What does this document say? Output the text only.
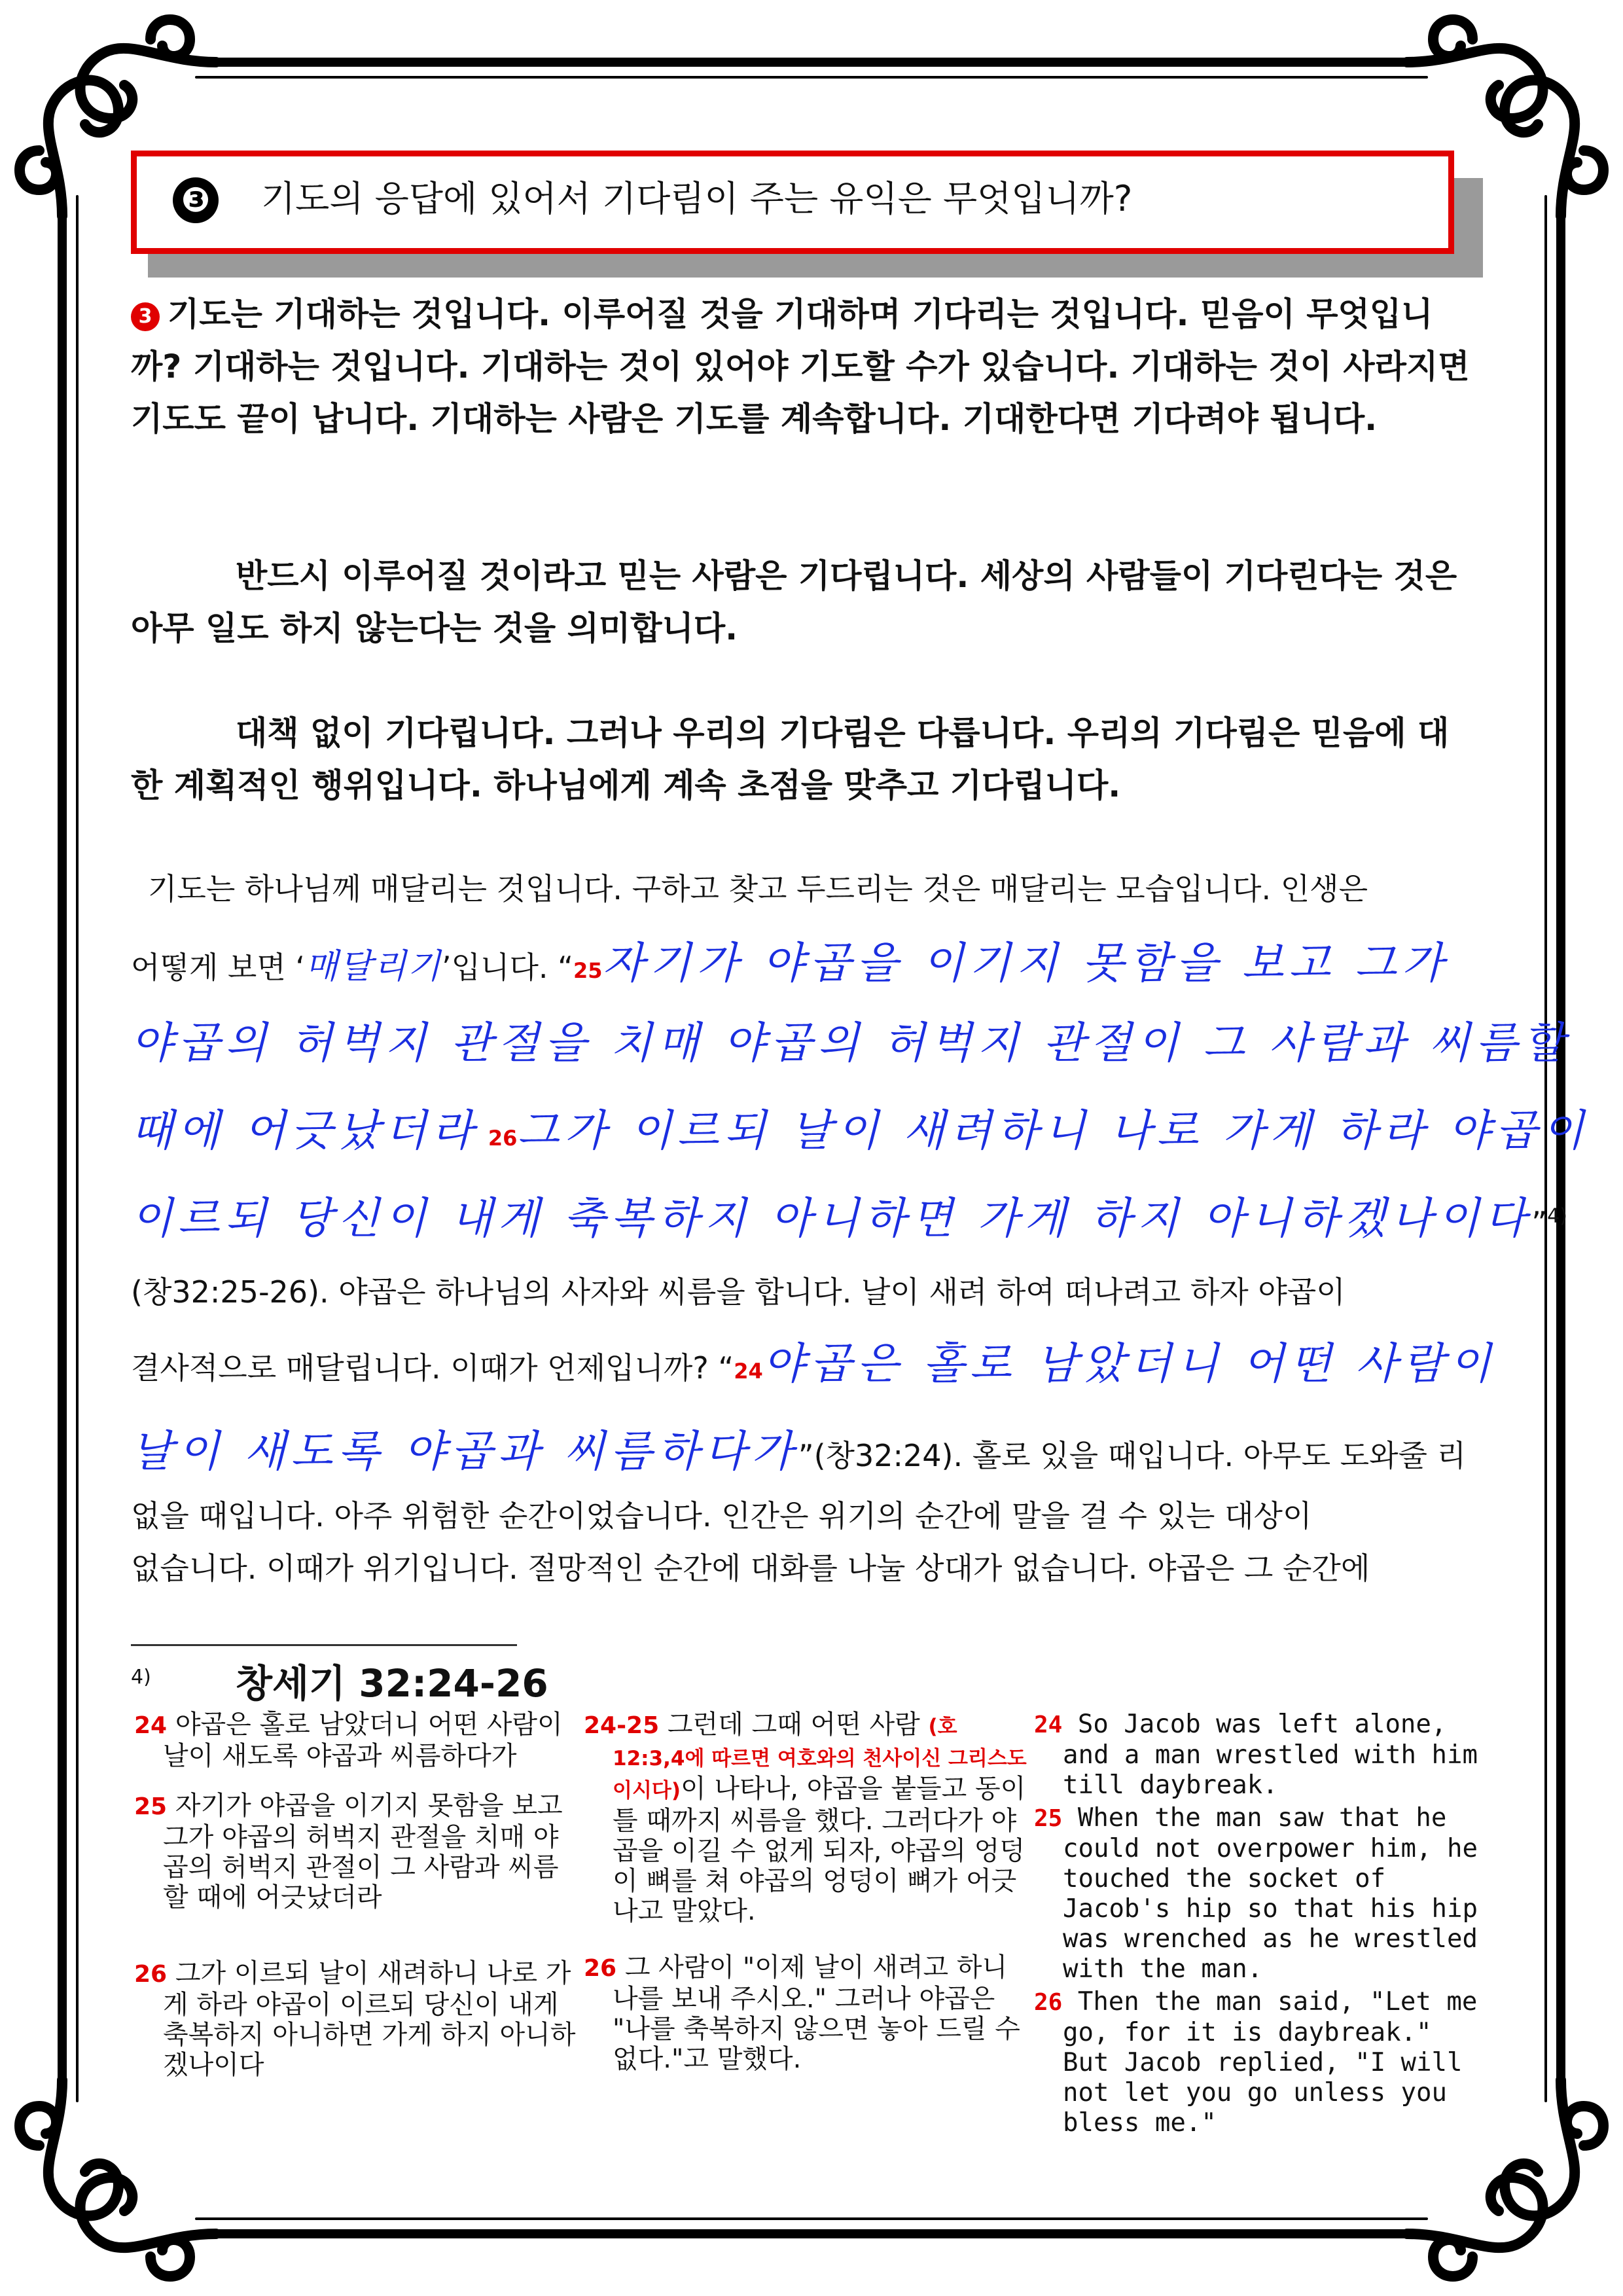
❸ 기도의 응답에 있어서 기다림이 주는 유익은 무엇입니까?

3 기도는 기대하는 것입니다. 이루어질 것을 기대하며 기다리는 것입니다. 믿음이 무엇입니까? 기대하는 것입니다. 기대하는 것이 있어야 기도할 수가 있습니다. 기대하는 것이 사라지면 기도도 끝이 납니다. 기대하는 사람은 기도를 계속합니다. 기대한다면 기다려야 됩니다.

반드시 이루어질 것이라고 믿는 사람은 기다립니다. 세상의 사람들이 기다린다는 것은 아무 일도 하지 않는다는 것을 의미합니다.

대책 없이 기다립니다. 그러나 우리의 기다림은 다릅니다. 우리의 기다림은 믿음에 대한 계획적인 행위입니다. 하나님에게 계속 초점을 맞추고 기다립니다.

기도는 하나님께 매달리는 것입니다. 구하고 찾고 두드리는 것은 매달리는 모습입니다. 인생은
어떻게 보면 ‘매달리기’입니다. “25자기가 야곱을 이기지 못함을 보고 그가
야곱의 허벅지 관절을 치매 야곱의 허벅지 관절이 그 사람과 씨름할
때에 어긋났더라 26그가 이르되 날이 새려하니 나로 가게 하라 야곱이
이르되 당신이 내게 축복하지 아니하면 가게 하지 아니하겠나이다”$^{4)}$
(창32:25-26). 야곱은 하나님의 사자와 씨름을 합니다. 날이 새려 하여 떠나려고 하자 야곱이
결사적으로 매달립니다. 이때가 언제입니까? “24야곱은 홀로 남았더니 어떤 사람이
날이 새도록 야곱과 씨름하다가”(창32:24). 홀로 있을 때입니다. 아무도 도와줄 리
없을 때입니다. 아주 위험한 순간이었습니다. 인간은 위기의 순간에 말을 걸 수 있는 대상이
없습니다. 이때가 위기입니다. 절망적인 순간에 대화를 나눌 상대가 없습니다. 야곱은 그 순간에
4) 창세기 32:24-26
24 야곱은 홀로 남았더니 어떤 사람이 날이 새도록 야곱과 씨름하다가
25 자기가 야곱을 이기지 못함을 보고 그가 야곱의 허벅지 관절을 치매 야곱의 허벅지 관절이 그 사람과 씨름할 때에 어긋났더라
26 그가 이르되 날이 새려하니 나로 가게 하라 야곱이 이르되 당신이 내게 축복하지 아니하면 가게 하지 아니하겠나이다
24-25 그런데 그때 어떤 사람 (호 12:3,4에 따르면 여호와의 천사이신 그리스도이시다)이 나타나, 야곱을 붙들고 동이 틀 때까지 씨름을 했다. 그러다가 야곱을 이길 수 없게 되자, 야곱의 엉덩이 뼈를 쳐 야곱의 엉덩이 뼈가 어긋나고 말았다.
26 그 사람이 "이제 날이 새려고 하니 나를 보내 주시오." 그러나 야곱은 "나를 축복하지 않으면 놓아 드릴 수 없다."고 말했다.
24 So Jacob was left alone, and a man wrestled with him till daybreak.
25 When the man saw that he could not overpower him, he touched the socket of Jacob's hip so that his hip was wrenched as he wrestled with the man.
26 Then the man said, "Let me go, for it is daybreak." But Jacob replied, "I will not let you go unless you bless me."
